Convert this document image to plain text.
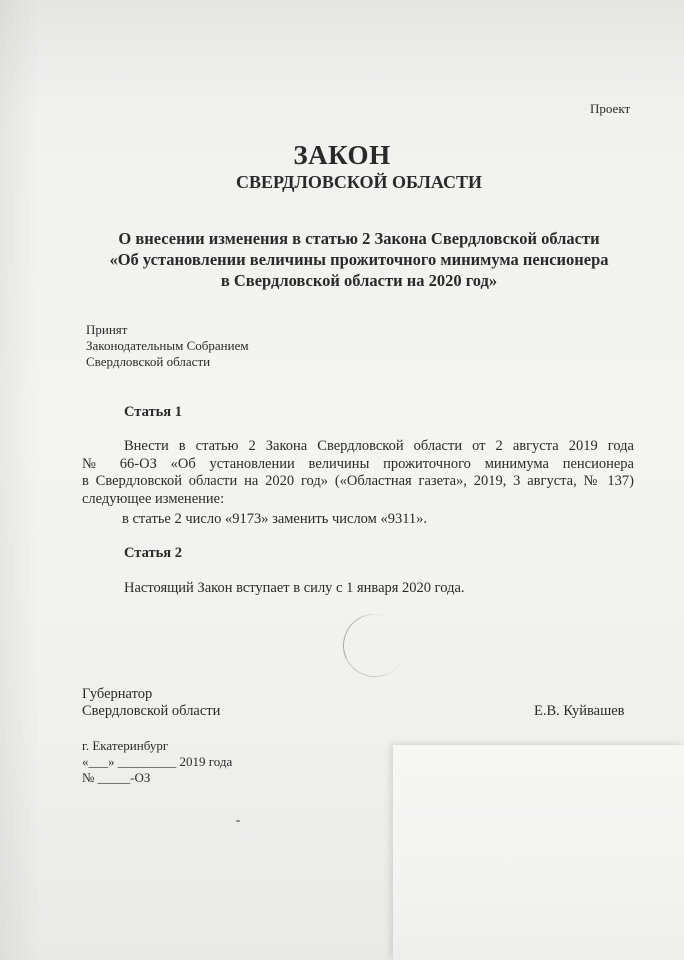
Проект
ЗАКОН
СВЕРДЛОВСКОЙ ОБЛАСТИ
О внесении изменения в статью 2 Закона Свердловской области
«Об установлении величины прожиточного минимума пенсионера
в Свердловской области на 2020 год»
Принят
Законодательным Собранием
Свердловской области
Статья 1
Внести в статью 2 Закона Свердловской области от 2 августа 2019 года
№ 66-ОЗ «Об установлении величины прожиточного минимума пенсионера
в Свердловской области на 2020 год» («Областная газета», 2019, 3 августа, № 137)
следующее изменение:
в статье 2 число «9173» заменить числом «9311».
Статья 2
Настоящий Закон вступает в силу с 1 января 2020 года.
Губернатор
Свердловской области	Е.В. Куйвашев
г. Екатеринбург
«___» _________ 2019 года
№ _____-ОЗ
